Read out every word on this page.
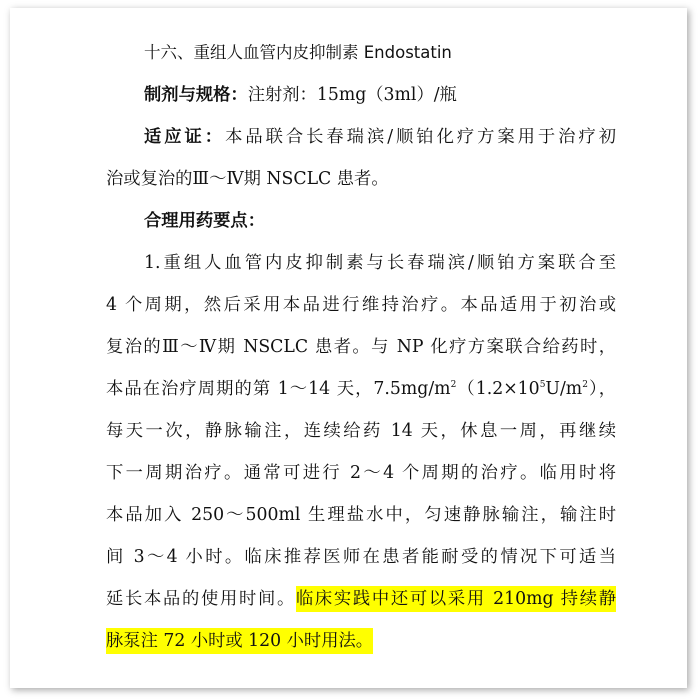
十六、重组人血管内皮抑制素 Endostatin
制剂与规格：注射剂：15mg（3ml）/瓶
适应证：本品联合长春瑞滨/顺铂化疗方案用于治疗初
治或复治的Ⅲ～Ⅳ期 NSCLC 患者。
合理用药要点：
1.重组人血管内皮抑制素与长春瑞滨/顺铂方案联合至
4 个周期，然后采用本品进行维持治疗。本品适用于初治或
复治的Ⅲ～Ⅳ期 NSCLC 患者。与 NP 化疗方案联合给药时，
本品在治疗周期的第 1～14 天，$7.5mg/m^2(1.2\times 10^5U/m^2)$，
每天一次，静脉输注，连续给药 14 天，休息一周，再继续
下一周期治疗。通常可进行 2～4 个周期的治疗。临用时将
本品加入 250～500ml 生理盐水中，匀速静脉输注，输注时
间 3～4 小时。临床推荐医师在患者能耐受的情况下可适当
延长本品的使用时间。临床实践中还可以采用 210mg 持续静
脉泵注 72 小时或 120 小时用法。
